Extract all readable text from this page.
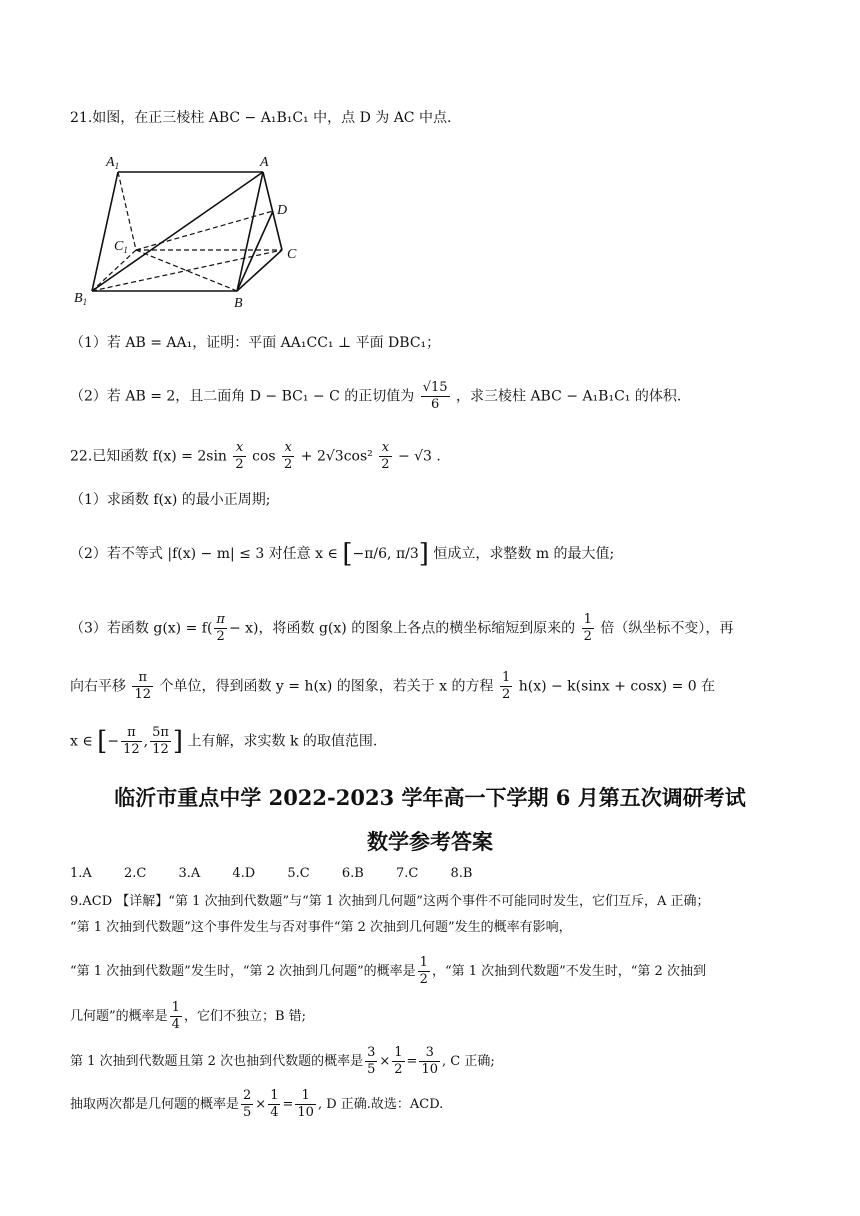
21.如图，在正三棱柱 ABC − A₁B₁C₁ 中，点 D 为 AC 中点.
$A_1$	A
D
$C_1$	C
$B_1$	B
（1）若 AB = AA₁，证明：平面 AA₁CC₁ ⊥ 平面 DBC₁；
（2）若 AB = 2，且二面角 D − BC₁ − C 的正切值为 $\frac{√15}{6}$ ，求三棱柱 ABC − A₁B₁C₁ 的体积.
22.已知函数 $f(x) = 2\sin \frac{x}{2}$ $\cos \frac{x}{2} + 2√3\cos^2 \frac{x}{2} - √3$ .
（1）求函数 f(x) 的最小正周期;
（2）若不等式 |f(x) − m| ≤ 3 对任意 x ∈ [−π/6, π/3] 恒成立，求整数 m 的最大值;
（3）若函数 $g(x) = f( \frac{\pi}{2} - x)$，将函数 g(x) 的图象上各点的横坐标缩短到原来的 $\frac{1}{2}$ 倍（纵坐标不变），再
向右平移 $\frac{\pi}{12}$ 个单位，得到函数 y = h(x) 的图象，若关于 x 的方程 $\frac{1}{2} h(x) - k(\sin x + \cos x) = 0$ 在
x ∈ [− $\frac{\pi}{12}$ , $\frac{5\pi}{12}$ ] 上有解，求实数 k 的取值范围.
临沂市重点中学 2022-2023 学年高一下学期 6 月第五次调研考试
数学参考答案
1.A 2.C 3.A 4.D 5.C 6.B 7.C 8.B
9.ACD 【详解】“第 1 次抽到代数题”与“第 1 次抽到几何题”这两个事件不可能同时发生，它们互斥，A 正确；
“第 1 次抽到代数题”这个事件发生与否对事件“第 2 次抽到几何题”发生的概率有影响，
“第 1 次抽到代数题”发生时，“第 2 次抽到几何题”的概率是 $\frac{1}{2}$ ，“第 1 次抽到代数题”不发生时，“第 2 次抽到
几何题”的概率是 $\frac{1}{4}$ ，它们不独立；B 错;
第 1 次抽到代数题且第 2 次也抽到代数题的概率是 $\frac{3}{5} \times \frac{1}{2} = \frac{3}{10}$ , C 正确;
抽取两次都是几何题的概率是 $\frac{2}{5} \times \frac{1}{4} = \frac{1}{10}$ , D 正确.故选：ACD.
